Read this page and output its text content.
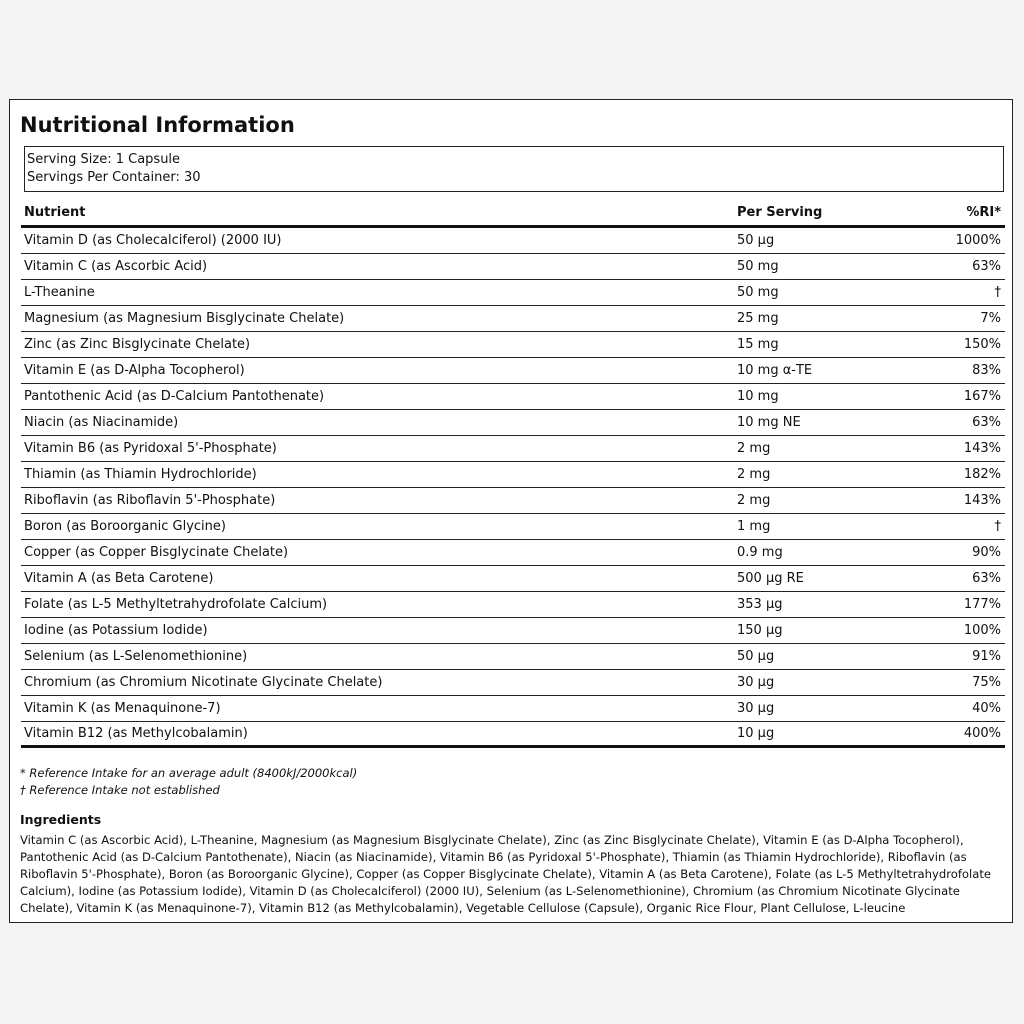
Nutritional Information
Serving Size: 1 Capsule
Servings Per Container: 30
Nutrient	Per Serving	%RI*
Vitamin D (as Cholecalciferol) (2000 IU)	50 µg	1000%
Vitamin C (as Ascorbic Acid)	50 mg	63%
L-Theanine	50 mg	†
Magnesium (as Magnesium Bisglycinate Chelate)	25 mg	7%
Zinc (as Zinc Bisglycinate Chelate)	15 mg	150%
Vitamin E (as D-Alpha Tocopherol)	10 mg α-TE	83%
Pantothenic Acid (as D-Calcium Pantothenate)	10 mg	167%
Niacin (as Niacinamide)	10 mg NE	63%
Vitamin B6 (as Pyridoxal 5'-Phosphate)	2 mg	143%
Thiamin (as Thiamin Hydrochloride)	2 mg	182%
Riboflavin (as Riboflavin 5'-Phosphate)	2 mg	143%
Boron (as Boroorganic Glycine)	1 mg	†
Copper (as Copper Bisglycinate Chelate)	0.9 mg	90%
Vitamin A (as Beta Carotene)	500 µg RE	63%
Folate (as L-5 Methyltetrahydrofolate Calcium)	353 µg	177%
Iodine (as Potassium Iodide)	150 µg	100%
Selenium (as L-Selenomethionine)	50 µg	91%
Chromium (as Chromium Nicotinate Glycinate Chelate)	30 µg	75%
Vitamin K (as Menaquinone-7)	30 µg	40%
Vitamin B12 (as Methylcobalamin)	10 µg	400%
* Reference Intake for an average adult (8400kJ/2000kcal)
† Reference Intake not established
Ingredients
Vitamin C (as Ascorbic Acid), L-Theanine, Magnesium (as Magnesium Bisglycinate Chelate), Zinc (as Zinc Bisglycinate Chelate), Vitamin E (as D-Alpha Tocopherol), Pantothenic Acid (as D-Calcium Pantothenate), Niacin (as Niacinamide), Vitamin B6 (as Pyridoxal 5'-Phosphate), Thiamin (as Thiamin Hydrochloride), Riboflavin (as Riboflavin 5'-Phosphate), Boron (as Boroorganic Glycine), Copper (as Copper Bisglycinate Chelate), Vitamin A (as Beta Carotene), Folate (as L-5 Methyltetrahydrofolate Calcium), Iodine (as Potassium Iodide), Vitamin D (as Cholecalciferol) (2000 IU), Selenium (as L-Selenomethionine), Chromium (as Chromium Nicotinate Glycinate Chelate), Vitamin K (as Menaquinone-7), Vitamin B12 (as Methylcobalamin), Vegetable Cellulose (Capsule), Organic Rice Flour, Plant Cellulose, L-leucine
